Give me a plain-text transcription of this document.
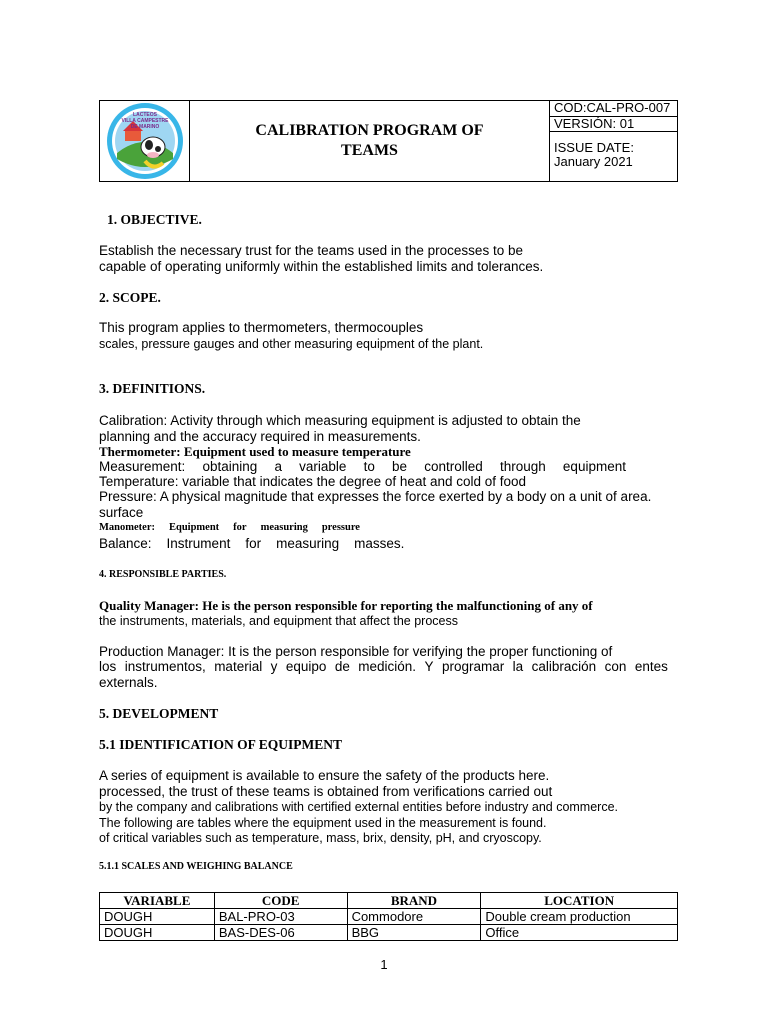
LACTEOS
VILLA CAMPESTRE
DE MARINO	CALIBRATION PROGRAM OF
TEAMS
COD:CAL-PRO-007
VERSIÓN: 01
ISSUE DATE:
January 2021
1. OBJECTIVE.
Establish the necessary trust for the teams used in the processes to be
capable of operating uniformly within the established limits and tolerances.
2. SCOPE.
This program applies to thermometers, thermocouples
scales, pressure gauges and other measuring equipment of the plant.
3. DEFINITIONS.
Calibration: Activity through which measuring equipment is adjusted to obtain the
planning and the accuracy required in measurements.
Thermometer: Equipment used to measure temperature
Measurement: obtaining a variable to be controlled through equipment
Temperature: variable that indicates the degree of heat and cold of food
Pressure: A physical magnitude that expresses the force exerted by a body on a unit of area.
surface
Manometer: Equipment for measuring pressure
Balance: Instrument for measuring masses.
4. RESPONSIBLE PARTIES.
Quality Manager: He is the person responsible for reporting the malfunctioning of any of
the instruments, materials, and equipment that affect the process
Production Manager: It is the person responsible for verifying the proper functioning of
los instrumentos, material y equipo de medición. Y programar la calibración con entes
externals.
5. DEVELOPMENT
5.1 IDENTIFICATION OF EQUIPMENT
A series of equipment is available to ensure the safety of the products here.
processed, the trust of these teams is obtained from verifications carried out
by the company and calibrations with certified external entities before industry and commerce.
The following are tables where the equipment used in the measurement is found.
of critical variables such as temperature, mass, brix, density, pH, and cryoscopy.
5.1.1 SCALES AND WEIGHING BALANCE
VARIABLE	CODE	BRAND	LOCATION
DOUGH	BAL-PRO-03	Commodore	Double cream production
DOUGH	BAS-DES-06	BBG	Office
1
